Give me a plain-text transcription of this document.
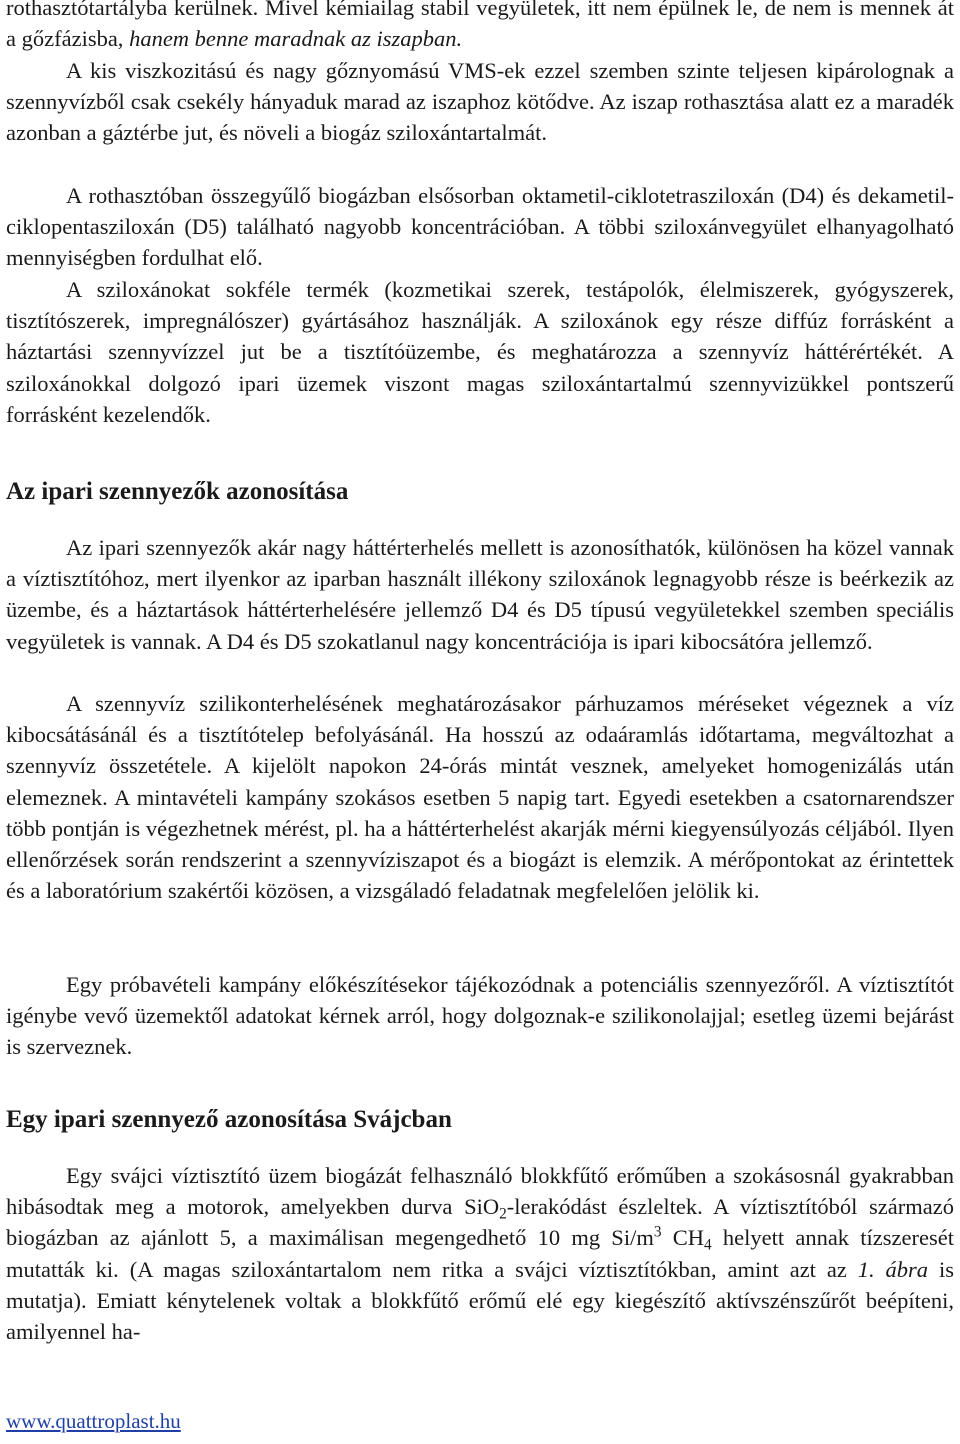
rothasztótartályba kerülnek. Mivel kémiailag stabil vegyületek, itt nem épülnek le, de nem is mennek át a gőzfázisba, hanem benne maradnak az iszapban.

A kis viszkozitású és nagy gőznyomású VMS-ek ezzel szemben szinte teljesen kipárolognak a szennyvízből csak csekély hányaduk marad az iszaphoz kötődve. Az iszap rothasztása alatt ez a maradék azonban a gáztérbe jut, és növeli a biogáz sziloxántartalmát.

A rothasztóban összegyűlő biogázban elsősorban oktametil-ciklotetrasziloxán (D4) és dekametil-ciklopentasziloxán (D5) található nagyobb koncentrációban. A többi sziloxánvegyület elhanyagolható mennyiségben fordulhat elő.

A sziloxánokat sokféle termék (kozmetikai szerek, testápolók, élelmiszerek, gyógyszerek, tisztítószerek, impregnálószer) gyártásához használják. A sziloxánok egy része diffúz forrásként a háztartási szennyvízzel jut be a tisztítóüzembe, és meghatározza a szennyvíz háttérértékét. A sziloxánokkal dolgozó ipari üzemek viszont magas sziloxántartalmú szennyvizükkel pontszerű forrásként kezelendők.

Az ipari szennyezők azonosítása

Az ipari szennyezők akár nagy háttérterhelés mellett is azonosíthatók, különösen ha közel vannak a víztisztítóhoz, mert ilyenkor az iparban használt illékony sziloxánok legnagyobb része is beérkezik az üzembe, és a háztartások háttérterhelésére jellemző D4 és D5 típusú vegyületekkel szemben speciális vegyületek is vannak. A D4 és D5 szokatlanul nagy koncentrációja is ipari kibocsátóra jellemző.

A szennyvíz szilikonterhelésének meghatározásakor párhuzamos méréseket végeznek a víz kibocsátásánál és a tisztítótelep befolyásánál. Ha hosszú az odaáramlás időtartama, megváltozhat a szennyvíz összetétele. A kijelölt napokon 24-órás mintát vesznek, amelyeket homogenizálás után elemeznek. A mintavételi kampány szokásos esetben 5 napig tart. Egyedi esetekben a csatornarendszer több pontján is végezhetnek mérést, pl. ha a háttérterhelést akarják mérni kiegyensúlyozás céljából. Ilyen ellenőrzések során rendszerint a szennyvíziszapot és a biogázt is elemzik. A mérőpontokat az érintettek és a laboratórium szakértői közösen, a vizsgáladó feladatnak megfelelően jelölik ki.

Egy próbavételi kampány előkészítésekor tájékozódnak a potenciális szennyezőről. A víztisztítót igénybe vevő üzemektől adatokat kérnek arról, hogy dolgoznak-e szilikonolajjal; esetleg üzemi bejárást is szerveznek.

Egy ipari szennyező azonosítása Svájcban

Egy svájci víztisztító üzem biogázát felhasználó blokkfűtő erőműben a szokásosnál gyakrabban hibásodtak meg a motorok, amelyekben durva SiO$_2$-lerakódást észleltek. A víztisztítóból származó biogázban az ajánlott 5, a maximálisan megengedhető 10 mg $Si/m^3$ $CH_4$ helyett annak tízszeresét mutatták ki. (A magas sziloxántartalom nem ritka a svájci víztisztítókban, amint azt az 1. ábra is mutatja). Emiatt kénytelenek voltak a blokkfűtő erőmű elé egy kiegészítő aktívszénszűrőt beépíteni, amilyennel ha-

www.quattroplast.hu
